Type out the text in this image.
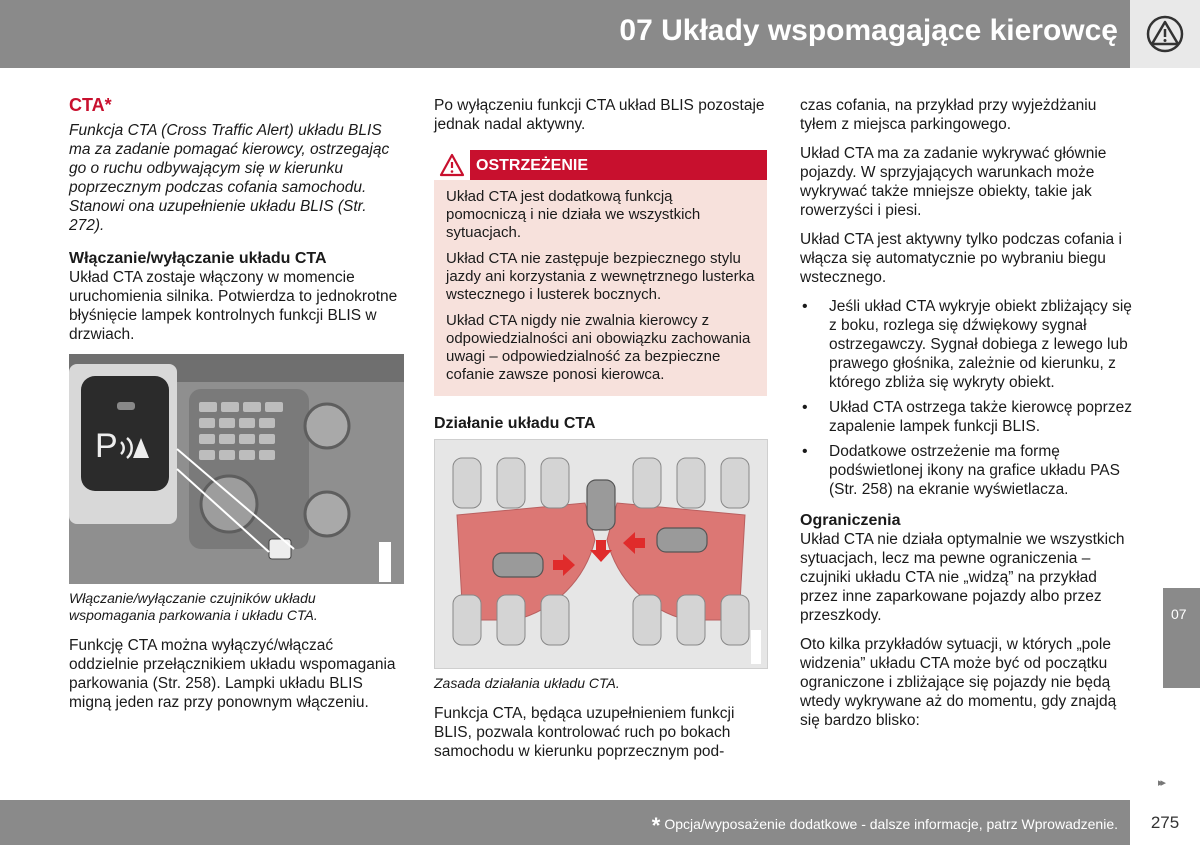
07 Układy wspomagające kierowcę
CTA*
Funkcja CTA (Cross Traffic Alert) układu BLIS ma za zadanie pomagać kierowcy, ostrzegając go o ruchu odbywającym się w kierunku poprzecznym podczas cofania samochodu. Stanowi ona uzupełnienie układu BLIS (Str. 272).
Włączanie/wyłączanie układu CTA

Układ CTA zostaje włączony w momencie uruchomienia silnika. Potwierdza to jednokrotne błyśnięcie lampek kontrolnych funkcji BLIS w drzwiach.

P
Włączanie/wyłączanie czujników układu wspomagania parkowania i układu CTA.

Funkcję CTA można wyłączyć/włączać oddzielnie przełącznikiem układu wspomagania parkowania (Str. 258). Lampki układu BLIS migną jeden raz przy ponownym włączeniu.

Po wyłączeniu funkcji CTA układ BLIS pozostaje jednak nadal aktywny.

OSTRZEŻENIE

Układ CTA jest dodatkową funkcją pomocniczą i nie działa we wszystkich sytuacjach.

Układ CTA nie zastępuje bezpiecznego stylu jazdy ani korzystania z wewnętrznego lusterka wstecznego i lusterek bocznych.

Układ CTA nigdy nie zwalnia kierowcy z odpowiedzialności ani obowiązku zachowania uwagi – odpowiedzialność za bezpieczne cofanie zawsze ponosi kierowca.

Działanie układu CTA
Zasada działania układu CTA.

Funkcja CTA, będąca uzupełnieniem funkcji BLIS, pozwala kontrolować ruch po bokach samochodu w kierunku poprzecznym pod-

czas cofania, na przykład przy wyjeżdżaniu tyłem z miejsca parkingowego.

Układ CTA ma za zadanie wykrywać głównie pojazdy. W sprzyjających warunkach może wykrywać także mniejsze obiekty, takie jak rowerzyści i piesi.

Układ CTA jest aktywny tylko podczas cofania i włącza się automatycznie po wybraniu biegu wstecznego.

• Jeśli układ CTA wykryje obiekt zbliżający się z boku, rozlega się dźwiękowy sygnał ostrzegawczy. Sygnał dobiega z lewego lub prawego głośnika, zależnie od kierunku, z którego zbliża się wykryty obiekt.
• Układ CTA ostrzega także kierowcę poprzez zapalenie lampek funkcji BLIS.
• Dodatkowe ostrzeżenie ma formę podświetlonej ikony na grafice układu PAS (Str. 258) na ekranie wyświetlacza.
Ograniczenia

Układ CTA nie działa optymalnie we wszystkich sytuacjach, lecz ma pewne ograniczenia – czujniki układu CTA nie „widzą” na przykład przez inne zaparkowane pojazdy albo przez przeszkody.

Oto kilka przykładów sytuacji, w których „pole widzenia” układu CTA może być od początku ograniczone i zbliżające się pojazdy nie będą wtedy wykrywane aż do momentu, gdy znajdą się bardzo blisko:

07
▸▸
* Opcja/wyposażenie dodatkowe - dalsze informacje, patrz Wprowadzenie.	275
